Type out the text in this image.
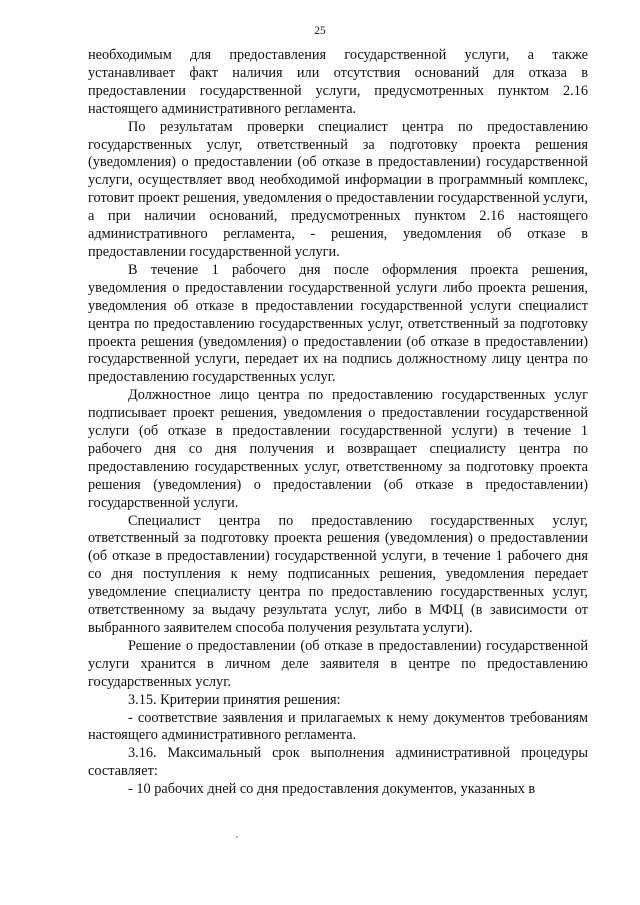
25

необходимым для предоставления государственной услуги, а также устанавливает факт наличия или отсутствия оснований для отказа в предоставлении государственной услуги, предусмотренных пунктом 2.16 настоящего административного регламента.

По результатам проверки специалист центра по предоставлению государственных услуг, ответственный за подготовку проекта решения (уведомления) о предоставлении (об отказе в предоставлении) государственной услуги, осуществляет ввод необходимой информации в программный комплекс, готовит проект решения, уведомления о предоставлении государственной услуги, а при наличии оснований, предусмотренных пунктом 2.16 настоящего административного регламента, - решения, уведомления об отказе в предоставлении государственной услуги.

В течение 1 рабочего дня после оформления проекта решения, уведомления о предоставлении государственной услуги либо проекта решения, уведомления об отказе в предоставлении государственной услуги специалист центра по предоставлению государственных услуг, ответственный за подготовку проекта решения (уведомления) о предоставлении (об отказе в предоставлении) государственной услуги, передает их на подпись должностному лицу центра по предоставлению государственных услуг.

Должностное лицо центра по предоставлению государственных услуг подписывает проект решения, уведомления о предоставлении государственной услуги (об отказе в предоставлении государственной услуги) в течение 1 рабочего дня со дня получения и возвращает специалисту центра по предоставлению государственных услуг, ответственному за подготовку проекта решения (уведомления) о предоставлении (об отказе в предоставлении) государственной услуги.

Специалист центра по предоставлению государственных услуг, ответственный за подготовку проекта решения (уведомления) о предоставлении (об отказе в предоставлении) государственной услуги, в течение 1 рабочего дня со дня поступления к нему подписанных решения, уведомления передает уведомление специалисту центра по предоставлению государственных услуг, ответственному за выдачу результата услуг, либо в МФЦ (в зависимости от выбранного заявителем способа получения результата услуги).

Решение о предоставлении (об отказе в предоставлении) государственной услуги хранится в личном деле заявителя в центре по предоставлению государственных услуг.

3.15. Критерии принятия решения:

- соответствие заявления и прилагаемых к нему документов требованиям настоящего административного регламента.

3.16. Максимальный срок выполнения административной процедуры составляет:

- 10 рабочих дней со дня предоставления документов, указанных в
